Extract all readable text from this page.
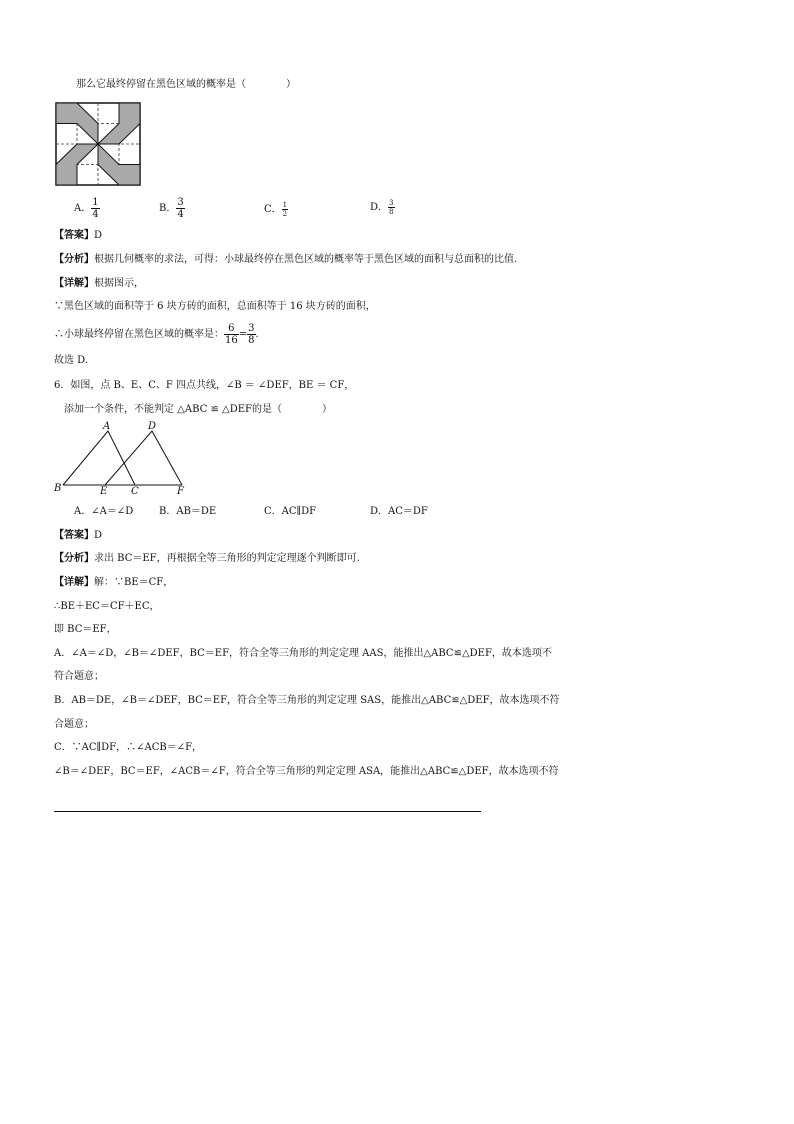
那么它最终停留在黑色区域的概率是（　　　　）
A． $\frac{1}{4}$	B． $\frac{3}{4}$	C． $\frac{1}{2}$	D． $\frac{3}{8}$
【答案】D
【分析】根据几何概率的求法，可得：小球最终停在黑色区域的概率等于黑色区域的面积与总面积的比值.
【详解】根据图示，
∵黑色区域的面积等于 6 块方砖的面积，总面积等于 16 块方砖的面积，
∴小球最终停留在黑色区域的概率是： $\frac{6}{16} = \frac{3}{8}$ .
故选 D.
6．如图，点 B、E、C、F 四点共线，∠B ＝ ∠DEF，BE ＝ CF，
添加一个条件，不能判定 △ABC ≌ △DEF的是（　　　　）
A	D
B	E C	F
A．∠A＝∠D	B．AB＝DE	C．AC∥DF	D．AC＝DF
【答案】D
【分析】求出 BC＝EF，再根据全等三角形的判定定理逐个判断即可.
【详解】解：∵BE＝CF，
∴BE＋EC＝CF＋EC，
即 BC＝EF，
A．∠A＝∠D，∠B＝∠DEF，BC＝EF，符合全等三角形的判定定理 AAS，能推出△ABC≌△DEF，故本选项不
符合题意；
B．AB＝DE，∠B＝∠DEF，BC＝EF，符合全等三角形的判定定理 SAS，能推出△ABC≌△DEF，故本选项不符
合题意；
C．∵AC∥DF，∴∠ACB＝∠F，
∠B＝∠DEF，BC＝EF，∠ACB＝∠F，符合全等三角形的判定定理 ASA，能推出△ABC≌△DEF，故本选项不符
